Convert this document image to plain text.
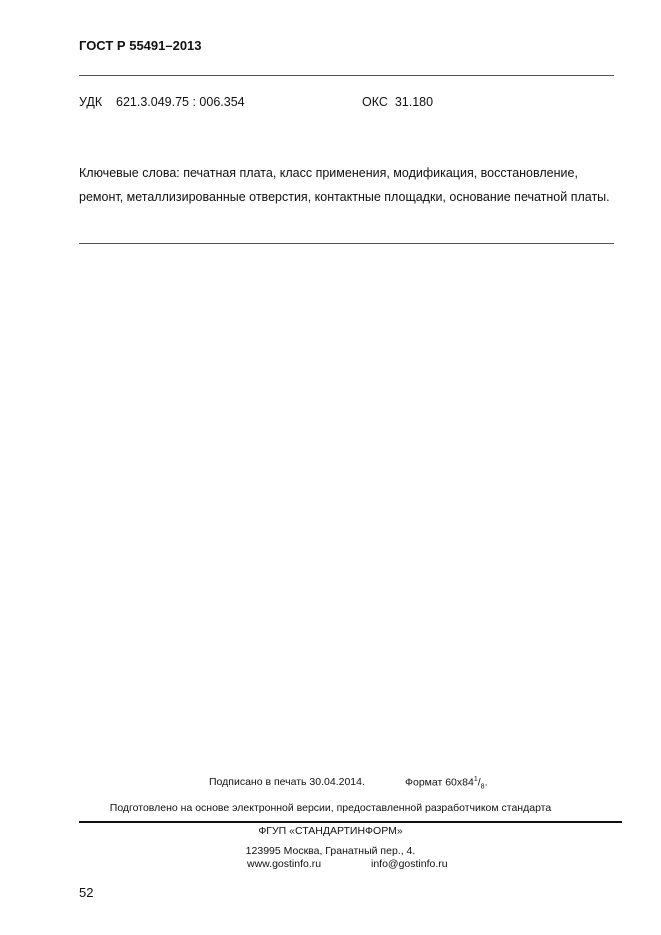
ГОСТ Р 55491–2013
УДК    621.3.049.75 : 006.354	ОКС  31.180
Ключевые слова: печатная плата, класс применения, модификация, восстановление, ремонт, металлизированные отверстия, контактные площадки, основание печатной платы.
Подписано в печать 30.04.2014.	Формат $60x84^1/_8$.
Подготовлено на основе электронной версии, предоставленной разработчиком стандарта
ФГУП «СТАНДАРТИНФОРМ»
123995 Москва, Гранатный пер., 4.
www.gostinfo.ru	info@gostinfo.ru
52
